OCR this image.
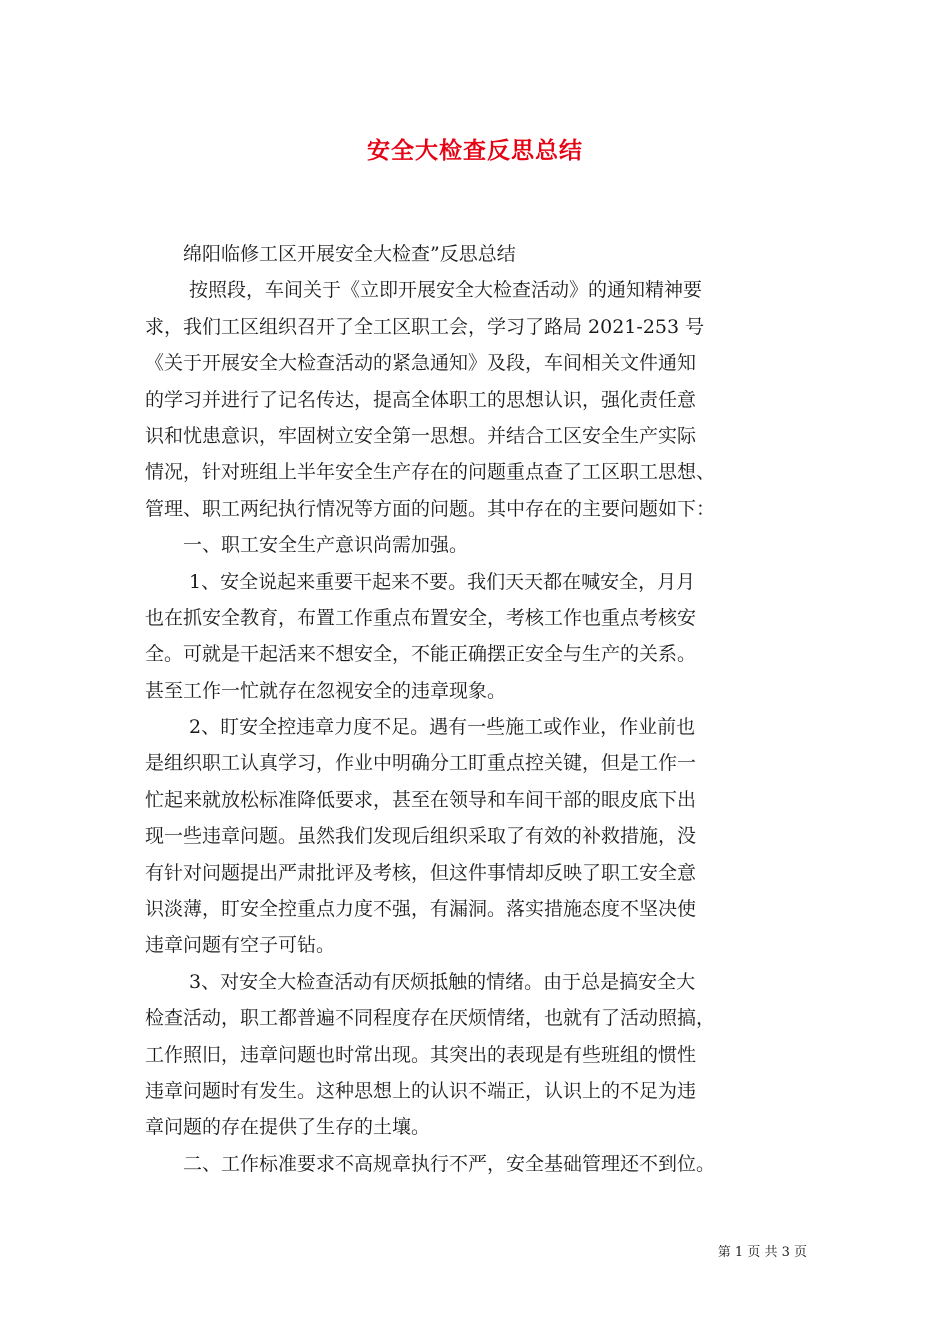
安全大检查反思总结
　　绵阳临修工区开展安全大检查”反思总结
　　 按照段，车间关于《立即开展安全大检查活动》的通知精神要
求，我们工区组织召开了全工区职工会，学习了路局 2021-253 号
《关于开展安全大检查活动的紧急通知》及段，车间相关文件通知
的学习并进行了记名传达，提高全体职工的思想认识，强化责任意
识和忧患意识，牢固树立安全第一思想。并结合工区安全生产实际
情况，针对班组上半年安全生产存在的问题重点查了工区职工思想、
管理、职工两纪执行情况等方面的问题。其中存在的主要问题如下：
　　一、职工安全生产意识尚需加强。
　　 1、安全说起来重要干起来不要。我们天天都在喊安全，月月
也在抓安全教育，布置工作重点布置安全，考核工作也重点考核安
全。可就是干起活来不想安全，不能正确摆正安全与生产的关系。
甚至工作一忙就存在忽视安全的违章现象。
　　 2、盯安全控违章力度不足。遇有一些施工或作业，作业前也
是组织职工认真学习，作业中明确分工盯重点控关键，但是工作一
忙起来就放松标准降低要求，甚至在领导和车间干部的眼皮底下出
现一些违章问题。虽然我们发现后组织采取了有效的补救措施，没
有针对问题提出严肃批评及考核，但这件事情却反映了职工安全意
识淡薄，盯安全控重点力度不强，有漏洞。落实措施态度不坚决使
违章问题有空子可钻。
　　 3、对安全大检查活动有厌烦抵触的情绪。由于总是搞安全大
检查活动，职工都普遍不同程度存在厌烦情绪，也就有了活动照搞，
工作照旧，违章问题也时常出现。其突出的表现是有些班组的惯性
违章问题时有发生。这种思想上的认识不端正，认识上的不足为违
章问题的存在提供了生存的土壤。
　　二、工作标准要求不高规章执行不严，安全基础管理还不到位。
第 1 页 共 3 页
